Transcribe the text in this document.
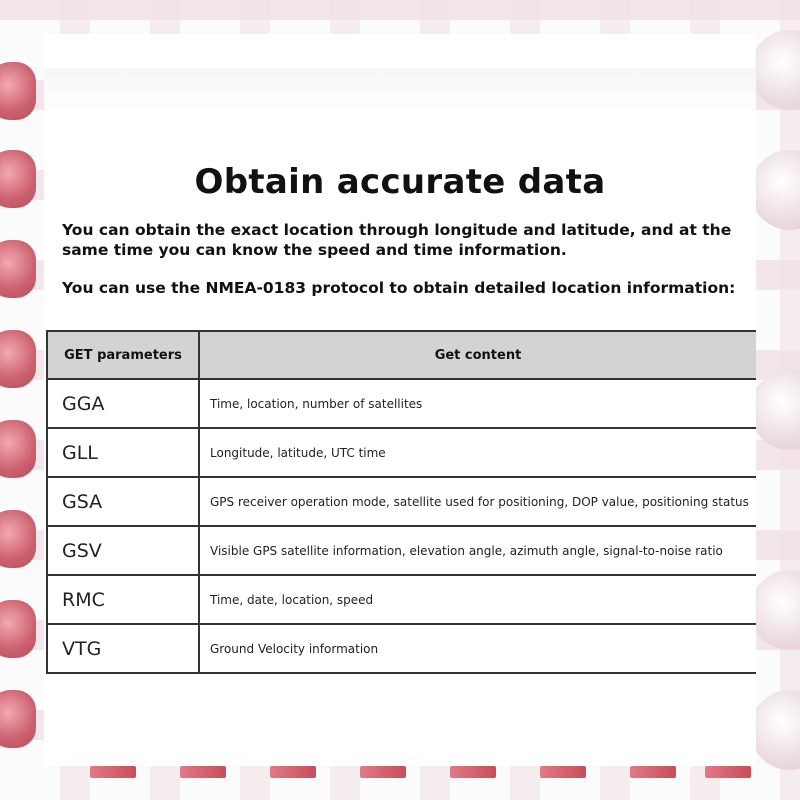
Obtain accurate data
You can obtain the exact location through longitude and latitude, and at the same time you can know the speed and time information.
You can use the NMEA-0183 protocol to obtain detailed location information:
GET parameters	Get content
GGA	Time, location, number of satellites
GLL	Longitude, latitude, UTC time
GSA	GPS receiver operation mode, satellite used for positioning, DOP value, positioning status
GSV	Visible GPS satellite information, elevation angle, azimuth angle, signal-to-noise ratio
RMC	Time, date, location, speed
VTG	Ground Velocity information
